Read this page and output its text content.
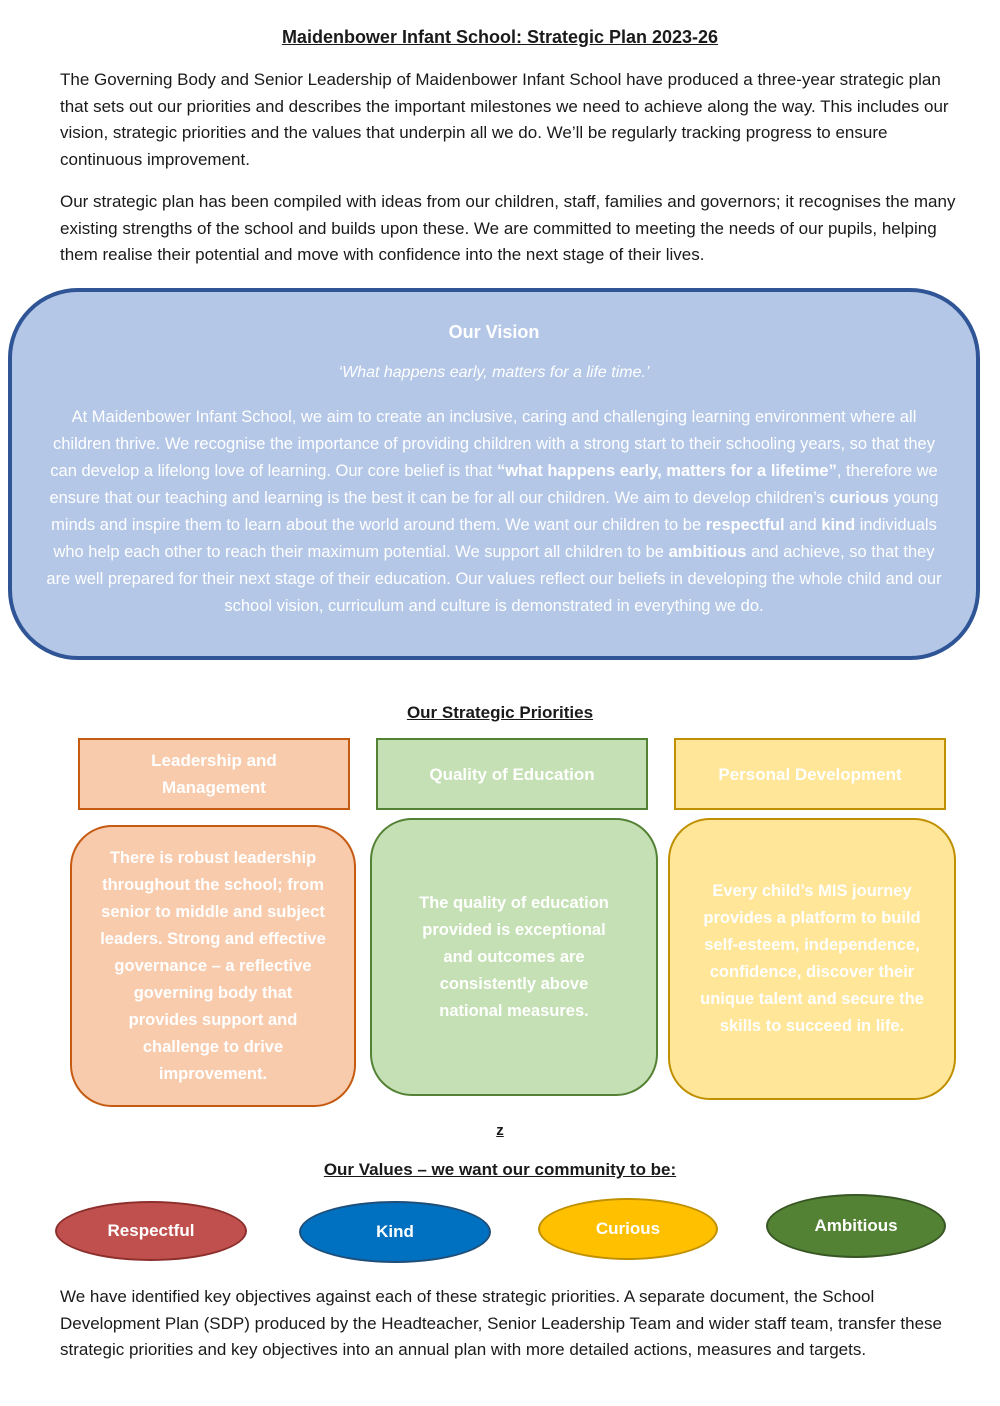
Maidenbower Infant School: Strategic Plan 2023-26

The Governing Body and Senior Leadership of Maidenbower Infant School have produced a three-year strategic plan that sets out our priorities and describes the important milestones we need to achieve along the way. This includes our vision, strategic priorities and the values that underpin all we do. We’ll be regularly tracking progress to ensure continuous improvement.

Our strategic plan has been compiled with ideas from our children, staff, families and governors; it recognises the many existing strengths of the school and builds upon these. We are committed to meeting the needs of our pupils, helping them realise their potential and move with confidence into the next stage of their lives.

Our Vision
‘What happens early, matters for a life time.’

At Maidenbower Infant School, we aim to create an inclusive, caring and challenging learning environment where all children thrive. We recognise the importance of providing children with a strong start to their schooling years, so that they can develop a lifelong love of learning. Our core belief is that “what happens early, matters for a lifetime”, therefore we ensure that our teaching and learning is the best it can be for all our children. We aim to develop children’s curious young minds and inspire them to learn about the world around them. We want our children to be respectful and kind individuals who help each other to reach their maximum potential. We support all children to be ambitious and achieve, so that they are well prepared for their next stage of their education. Our values reflect our beliefs in developing the whole child and our school vision, curriculum and culture is demonstrated in everything we do.

Our Strategic Priorities
Leadership and Management
Quality of Education	Personal Development
There is robust leadership throughout the school; from senior to middle and subject leaders. Strong and effective governance – a reflective governing body that provides support and challenge to drive improvement.
The quality of education provided is exceptional and outcomes are consistently above national measures.
Every child’s MIS journey provides a platform to build self-esteem, independence, confidence, discover their unique talent and secure the skills to succeed in life.
z
Our Values – we want our community to be:
Respectful	Kind	Curious	Ambitious

We have identified key objectives against each of these strategic priorities. A separate document, the School Development Plan (SDP) produced by the Headteacher, Senior Leadership Team and wider staff team, transfer these strategic priorities and key objectives into an annual plan with more detailed actions, measures and targets.
